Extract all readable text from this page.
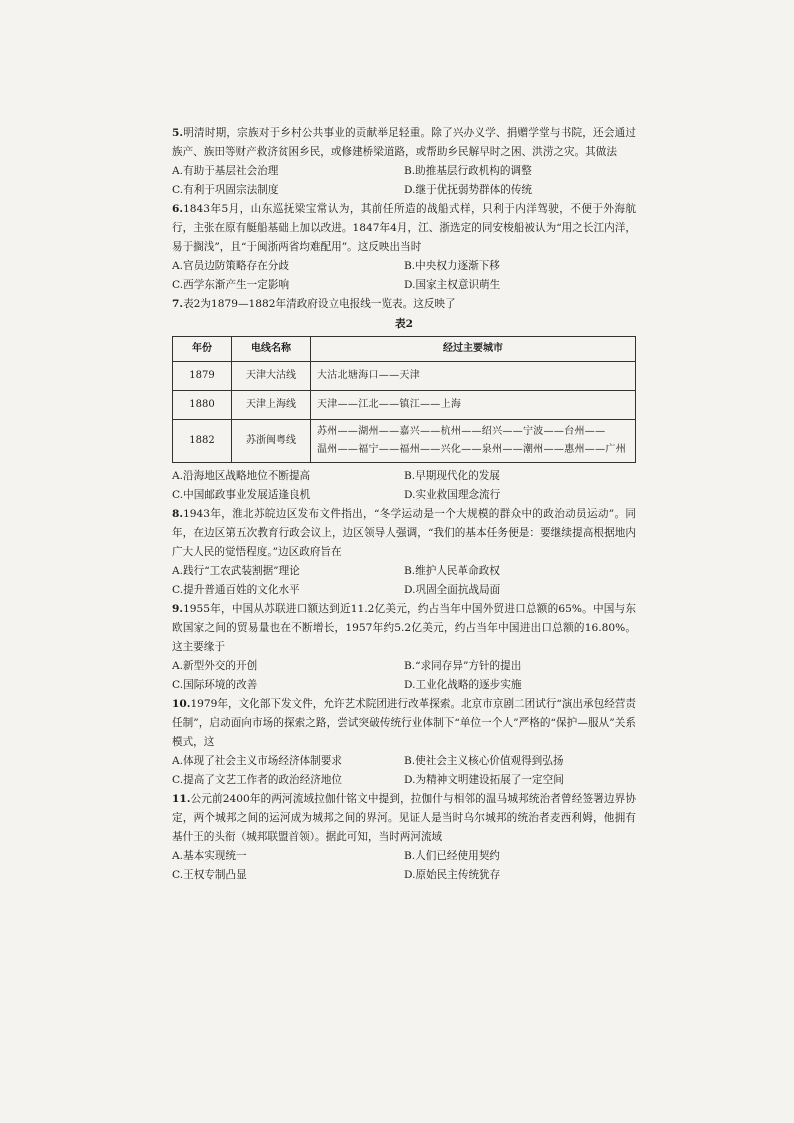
5.明清时期，宗族对于乡村公共事业的贡献举足轻重。除了兴办义学、捐赠学堂与书院，还会通过族产、族田等财产救济贫困乡民，或修建桥梁道路，或帮助乡民解早时之困、洪涝之灾。其做法
A.有助于基层社会治理	B.助推基层行政机构的调整
C.有利于巩固宗法制度	D.继于优抚弱势群体的传统
6.1843年5月，山东巡抚梁宝常认为，其前任所造的战船式样，只利于内洋驾驶，不便于外海航行，主张在原有艇船基础上加以改进。1847年4月，江、浙选定的同安梭船被认为“用之长江内洋，易于搁浅”，且“于闽浙两省均难配用”。这反映出当时
A.官员边防策略存在分歧	B.中央权力逐渐下移
C.西学东渐产生一定影响	D.国家主权意识萌生
7.表2为1879—1882年清政府设立电报线一览表。这反映了
表2
年份	电线名称	经过主要城市
1879	天津大沽线	大沽北塘海口——天津
1880	天津上海线	天津——江北——镇江——上海
1882	苏浙闽粤线	苏州——湖州——嘉兴——杭州——绍兴——宁波——台州——
温州——福宁——福州——兴化——泉州——潮州——惠州——广州
A.沿海地区战略地位不断提高	B.早期现代化的发展
C.中国邮政事业发展适逢良机	D.实业救国理念流行
8.1943年，淮北苏皖边区发布文件指出，“冬学运动是一个大规模的群众中的政治动员运动”。同年，在边区第五次教育行政会议上，边区领导人强调，“我们的基本任务便是：要继续提高根据地内广大人民的觉悟程度。”边区政府旨在
A.践行“工农武装割据”理论	B.维护人民革命政权
C.提升普通百姓的文化水平	D.巩固全面抗战局面
9.1955年，中国从苏联进口额达到近11.2亿美元，约占当年中国外贸进口总额的65%。中国与东欧国家之间的贸易量也在不断增长，1957年约5.2亿美元，约占当年中国进出口总额的16.80%。这主要缘于
A.新型外交的开创	B.“求同存异”方针的提出
C.国际环境的改善	D.工业化战略的逐步实施
10.1979年，文化部下发文件，允许艺术院团进行改革探索。北京市京剧二团试行“演出承包经营责任制”，启动面向市场的探索之路，尝试突破传统行业体制下“单位一个人”严格的“保护—服从”关系模式，这
A.体现了社会主义市场经济体制要求	B.使社会主义核心价值观得到弘扬
C.提高了文艺工作者的政治经济地位	D.为精神文明建设拓展了一定空间
11.公元前2400年的两河流域拉伽什铭文中提到，拉伽什与相邻的温马城邦统治者曾经签署边界协定，两个城邦之间的运河成为城邦之间的界河。见证人是当时乌尔城邦的统治者麦西利姆，他拥有基什王的头衔（城邦联盟首领）。据此可知，当时两河流域
A.基本实现统一	B.人们已经使用契约
C.王权专制凸显	D.原始民主传统犹存
